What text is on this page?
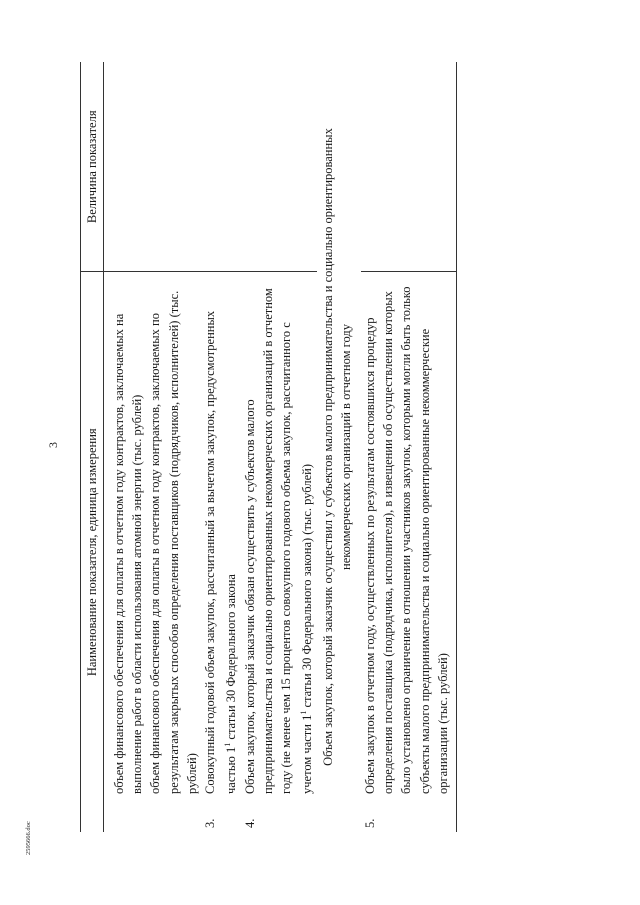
3 Наименование показателя, единица измерения	Величина показателя

	объем финансового обеспечения для оплаты в отчетном году контрактов, заключаемых на выполнение работ в области использования атомной энергии (тыс. рублей)

	объем финансового обеспечения для оплаты в отчетном году контрактов, заключаемых по результатам закрытых способов определения поставщиков (подрядчиков, исполнителей) (тыс. рублей)

3.	Совокупный годовой объем закупок, рассчитанный за вычетом закупок, предусмотренных частью $1^1$ статьи 30 Федерального закона

4.	Объем закупок, который заказчик обязан осуществить у субъектов малого предпринимательства и социально ориентированных некоммерческих организаций в отчетном году (не менее чем 15 процентов совокупного годового объема закупок, рассчитанного с учетом части $1^1$ статьи 30 Федерального закона) (тыс. рублей)
	Объем закупок, который заказчик осуществил у субъектов малого предпринимательства и социально ориентированных некоммерческих организаций в отчетном году

5.	Объем закупок в отчетном году, осуществленных по результатам состоявшихся процедур определения поставщика (подрядчика, исполнителя), в извещении об осуществлении которых было установлено ограничение в отношении участников закупок, которыми могли быть только субъекты малого предпринимательства и социально ориентированные некоммерческие организации (тыс. рублей)

2595666.doc
